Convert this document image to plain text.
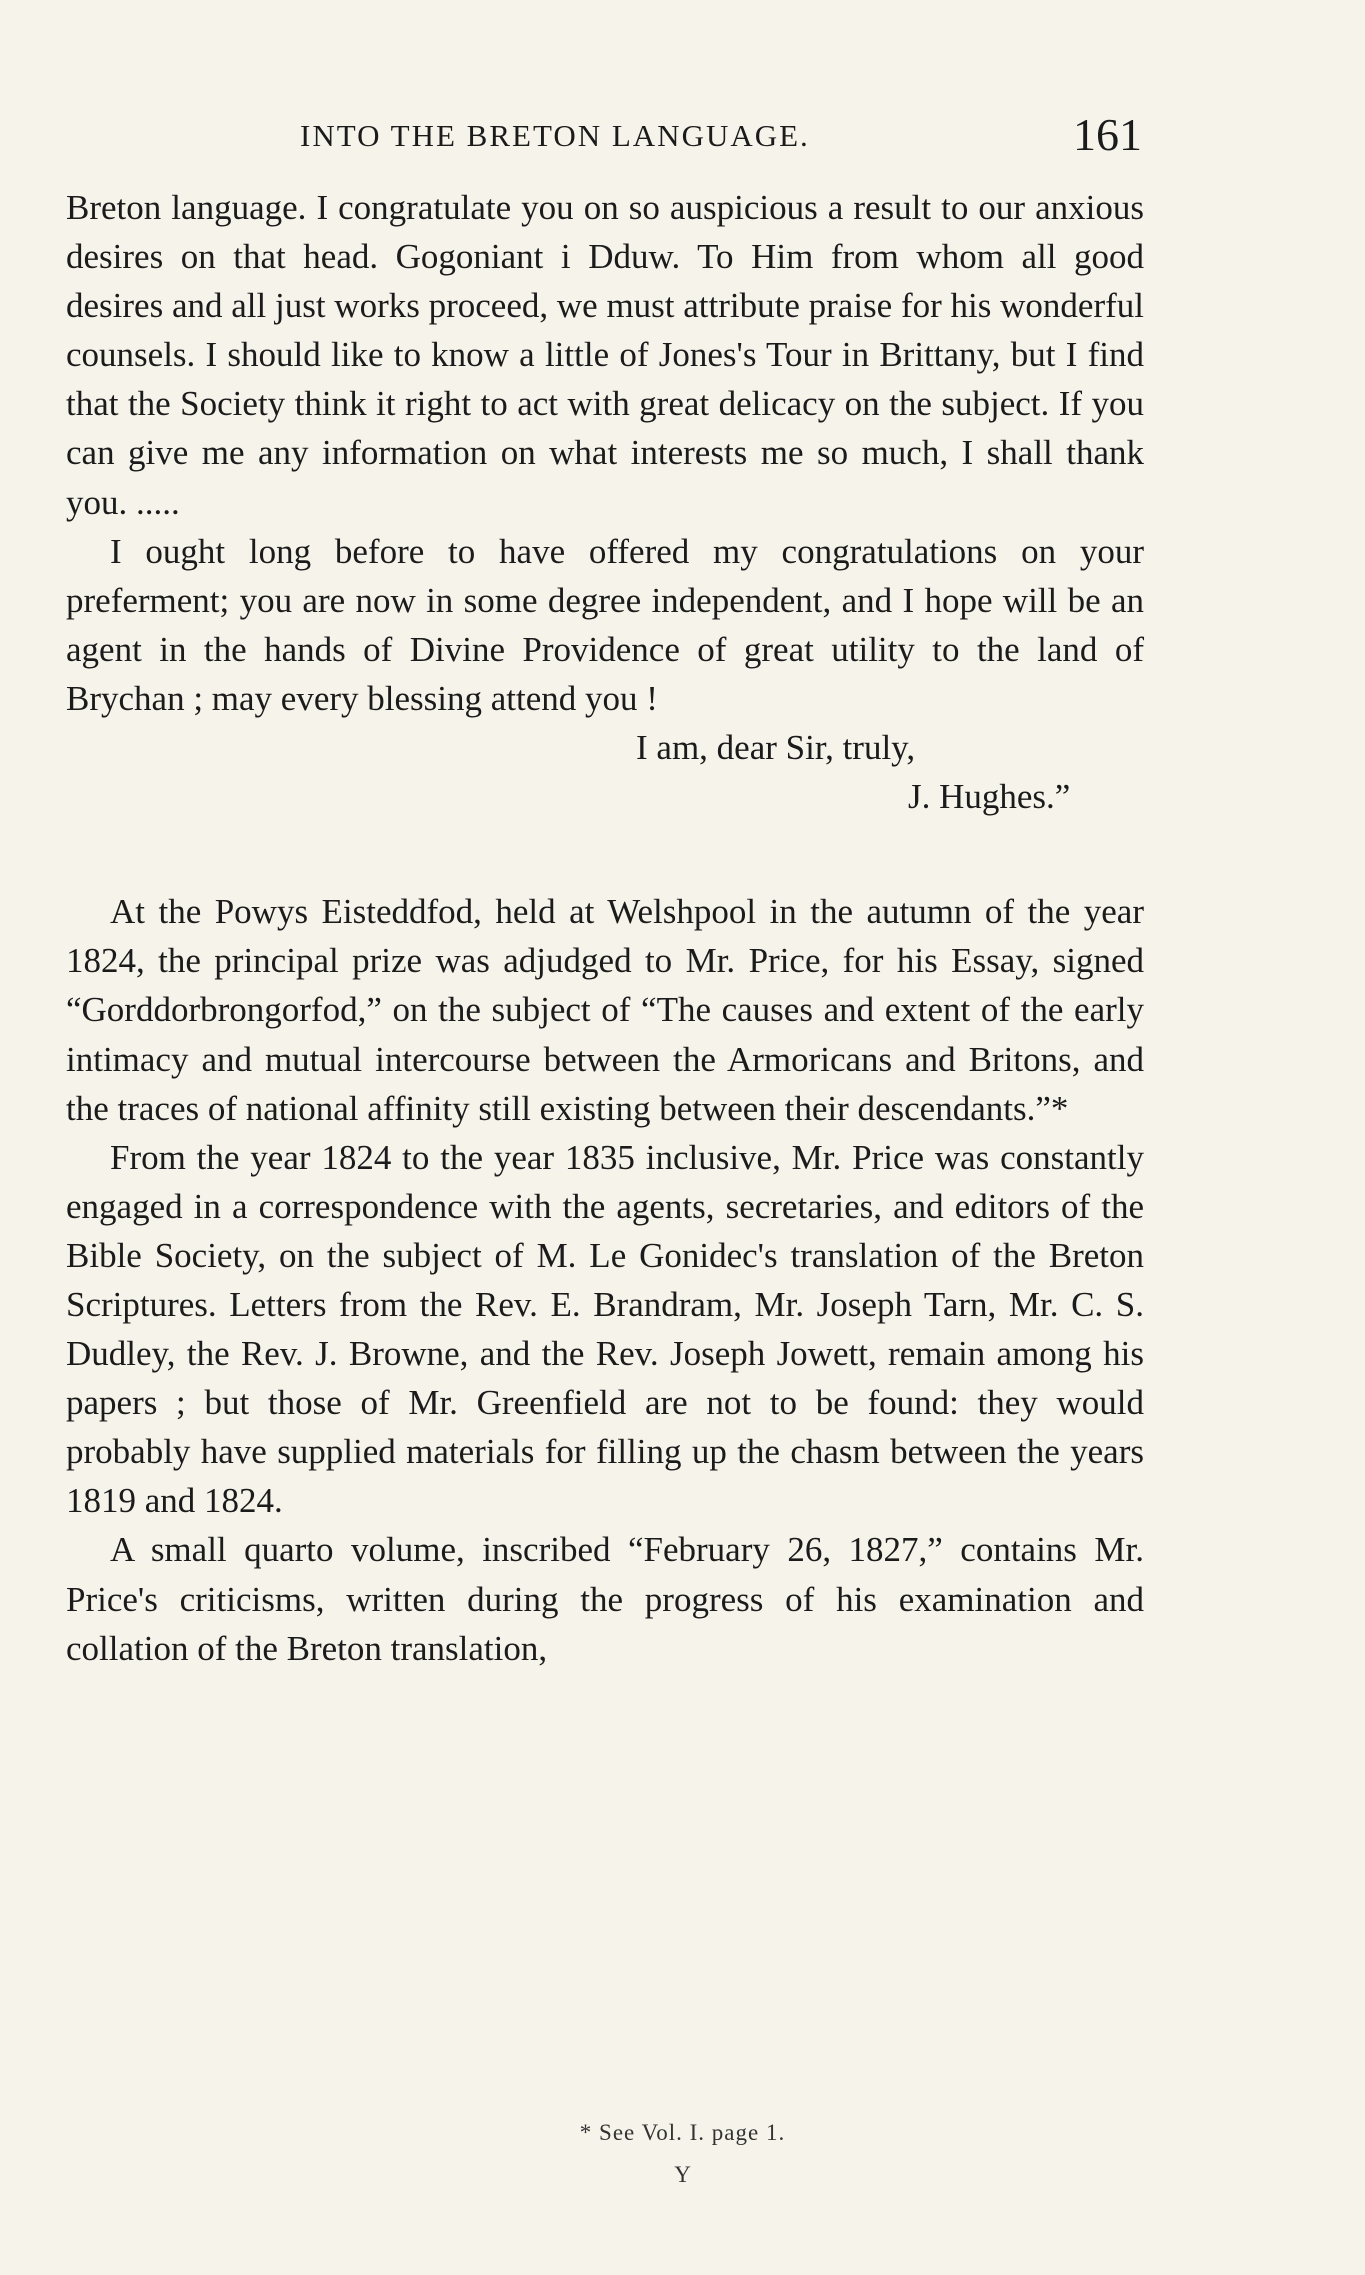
INTO THE BRETON LANGUAGE.	161

Breton language. I congratulate you on so auspicious a result to our anxious desires on that head. Gogoniant i Dduw. To Him from whom all good desires and all just works proceed, we must attribute praise for his wonderful counsels. I should like to know a little of Jones's Tour in Brittany, but I find that the Society think it right to act with great delicacy on the subject. If you can give me any information on what interests me so much, I shall thank you. .....

I ought long before to have offered my congratulations on your preferment; you are now in some degree independent, and I hope will be an agent in the hands of Divine Providence of great utility to the land of Brychan ; may every blessing attend you !

I am, dear Sir, truly,

J. Hughes.”

At the Powys Eisteddfod, held at Welshpool in the autumn of the year 1824, the principal prize was adjudged to Mr. Price, for his Essay, signed “Gorddorbrongorfod,” on the subject of “The causes and extent of the early intimacy and mutual intercourse between the Armoricans and Britons, and the traces of national affinity still existing between their descendants.”*

From the year 1824 to the year 1835 inclusive, Mr. Price was constantly engaged in a correspondence with the agents, secretaries, and editors of the Bible Society, on the subject of M. Le Gonidec's translation of the Breton Scriptures. Letters from the Rev. E. Brandram, Mr. Joseph Tarn, Mr. C. S. Dudley, the Rev. J. Browne, and the Rev. Joseph Jowett, remain among his papers ; but those of Mr. Greenfield are not to be found: they would probably have supplied materials for filling up the chasm between the years 1819 and 1824.

A small quarto volume, inscribed “February 26, 1827,” contains Mr. Price's criticisms, written during the progress of his examination and collation of the Breton translation,

* See Vol. I. page 1.
Y
